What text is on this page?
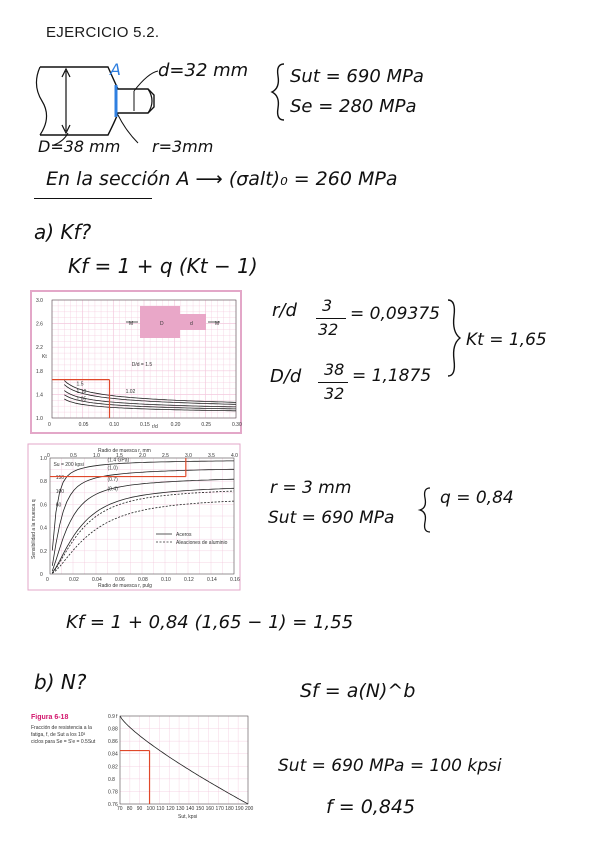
EJERCICIO 5.2.
A d=32 mm
D=38 mm r=3mm
Sut = 690 MPa
Se = 280 MPa
En la sección A ⟶ (σalt)₀ = 260 MPa
a) Kf?
Kf = 1 + q (Kt − 1)
D/d = 1.5
1.5
1.10
1.05
1.02
0	0.05	0.10	0.15	0.20	0.25	0.30
1.0
1.4
1.8
2.2
2.6
3.0
M	D	d	M
Kt
r/d
r/d 3
32
= 0,09375
D/d 38
32
= 1,1875
Kt = 1,65
Su = 200 kpsi
(1.4 GPa)
(1.0)
(0.7)
(0.4)
150
100
60
0	0.02	0.04	0.06	0.08	0.10	0.12	0.14	0.16
0	0.5	1.0	1.5	2.0	2.5	3.0	3.5	4.0
0
0.2
0.4
0.6
0.8
1.0
Radio de muesca r, mm
Radio de muesca r, pulg
Sensibilidad a la muesca q	Aceros
Aleaciones de aluminio
r = 3 mm
Sut = 690 MPa
q = 0,84
Kf = 1 + 0,84 (1,65 − 1) = 1,55
b) N?	Sf = a(N)^b
Figura 6-18
Fracción de resistencia a la
fatiga, f, de Sut a los 10³
ciclos para Se = S'e = 0.5Sut
70 80 90 100 110 120 130 140 150 160 170 180 190 200
0.76
0.78
0.8
0.82
0.84
0.86
0.88
0.9 f
Sut, kpsi
Sut = 690 MPa = 100 kpsi
f = 0,845
